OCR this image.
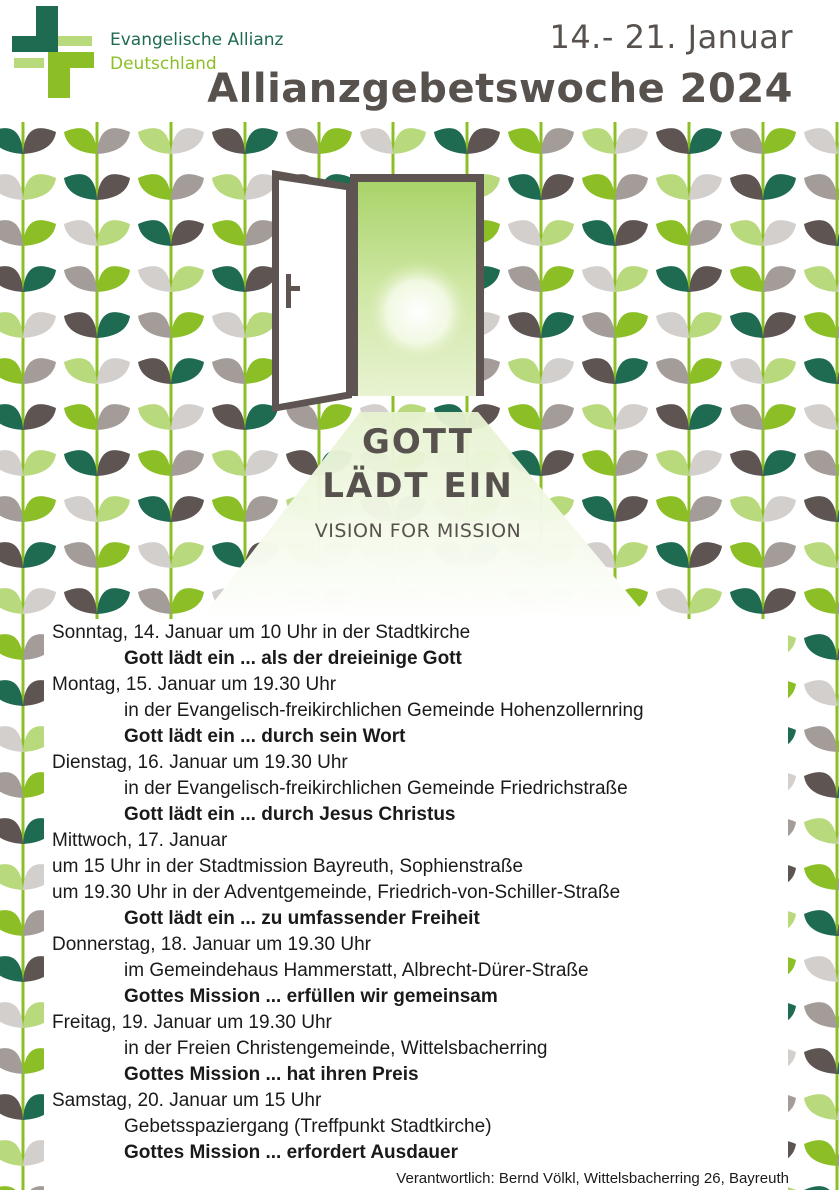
Evangelische Allianz
Deutschland
14.- 21. Januar
Allianzgebetswoche 2024
GOTT
LÄDT EIN
VISION FOR MISSION
Sonntag, 14. Januar um 10 Uhr in der Stadtkirche
Gott lädt ein ... als der dreieinige Gott
Montag, 15. Januar um 19.30 Uhr
in der Evangelisch-freikirchlichen Gemeinde Hohenzollernring
Gott lädt ein ... durch sein Wort
Dienstag, 16. Januar um 19.30 Uhr
in der Evangelisch-freikirchlichen Gemeinde Friedrichstraße
Gott lädt ein ... durch Jesus Christus
Mittwoch, 17. Januar
um 15 Uhr in der Stadtmission Bayreuth, Sophienstraße
um 19.30 Uhr in der Adventgemeinde, Friedrich-von-Schiller-Straße
Gott lädt ein ... zu umfassender Freiheit
Donnerstag, 18. Januar um 19.30 Uhr
im Gemeindehaus Hammerstatt, Albrecht-Dürer-Straße
Gottes Mission ... erfüllen wir gemeinsam
Freitag, 19. Januar um 19.30 Uhr
in der Freien Christengemeinde, Wittelsbacherring
Gottes Mission ... hat ihren Preis
Samstag, 20. Januar um 15 Uhr
Gebetsspaziergang (Treffpunkt Stadtkirche)
Gottes Mission ... erfordert Ausdauer
Verantwortlich: Bernd Völkl, Wittelsbacherring 26, Bayreuth
